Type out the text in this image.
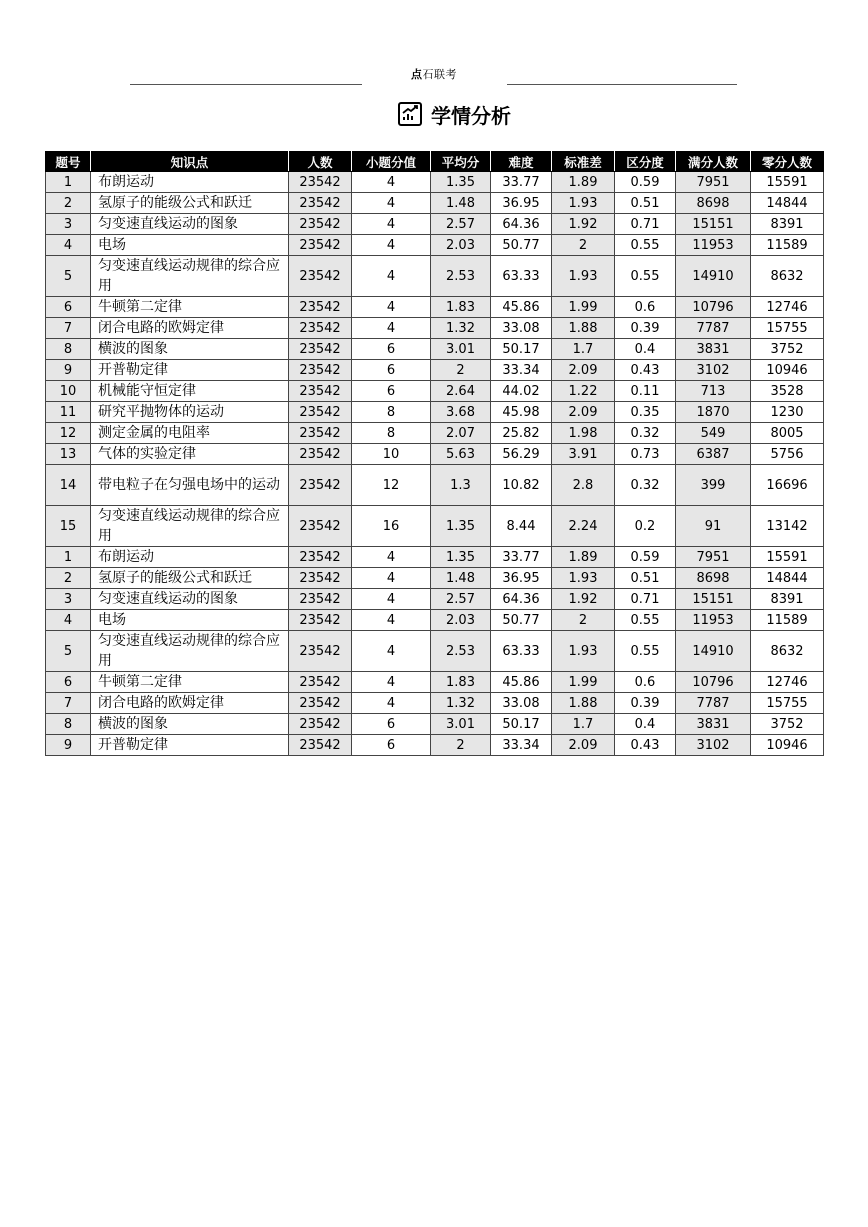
点石联考
学情分析
题号	知识点	人数	小题分值	平均分	难度	标准差	区分度	满分人数	零分人数
1	布朗运动	23542	4	1.35	33.77	1.89	0.59	7951	15591
2	氢原子的能级公式和跃迁	23542	4	1.48	36.95	1.93	0.51	8698	14844
3	匀变速直线运动的图象	23542	4	2.57	64.36	1.92	0.71	15151	8391
4	电场	23542	4	2.03	50.77	2	0.55	11953	11589
5	匀变速直线运动规律的综合应用	23542	4	2.53	63.33	1.93	0.55	14910	8632
6	牛顿第二定律	23542	4	1.83	45.86	1.99	0.6	10796	12746
7	闭合电路的欧姆定律	23542	4	1.32	33.08	1.88	0.39	7787	15755
8	横波的图象	23542	6	3.01	50.17	1.7	0.4	3831	3752
9	开普勒定律	23542	6	2	33.34	2.09	0.43	3102	10946
10	机械能守恒定律	23542	6	2.64	44.02	1.22	0.11	713	3528
11	研究平抛物体的运动	23542	8	3.68	45.98	2.09	0.35	1870	1230
12	测定金属的电阻率	23542	8	2.07	25.82	1.98	0.32	549	8005
13	气体的实验定律	23542	10	5.63	56.29	3.91	0.73	6387	5756
14	带电粒子在匀强电场中的运动	23542	12	1.3	10.82	2.8	0.32	399	16696
15	匀变速直线运动规律的综合应用	23542	16	1.35	8.44	2.24	0.2	91	13142
1	布朗运动	23542	4	1.35	33.77	1.89	0.59	7951	15591
2	氢原子的能级公式和跃迁	23542	4	1.48	36.95	1.93	0.51	8698	14844
3	匀变速直线运动的图象	23542	4	2.57	64.36	1.92	0.71	15151	8391
4	电场	23542	4	2.03	50.77	2	0.55	11953	11589
5	匀变速直线运动规律的综合应用	23542	4	2.53	63.33	1.93	0.55	14910	8632
6	牛顿第二定律	23542	4	1.83	45.86	1.99	0.6	10796	12746
7	闭合电路的欧姆定律	23542	4	1.32	33.08	1.88	0.39	7787	15755
8	横波的图象	23542	6	3.01	50.17	1.7	0.4	3831	3752
9	开普勒定律	23542	6	2	33.34	2.09	0.43	3102	10946
